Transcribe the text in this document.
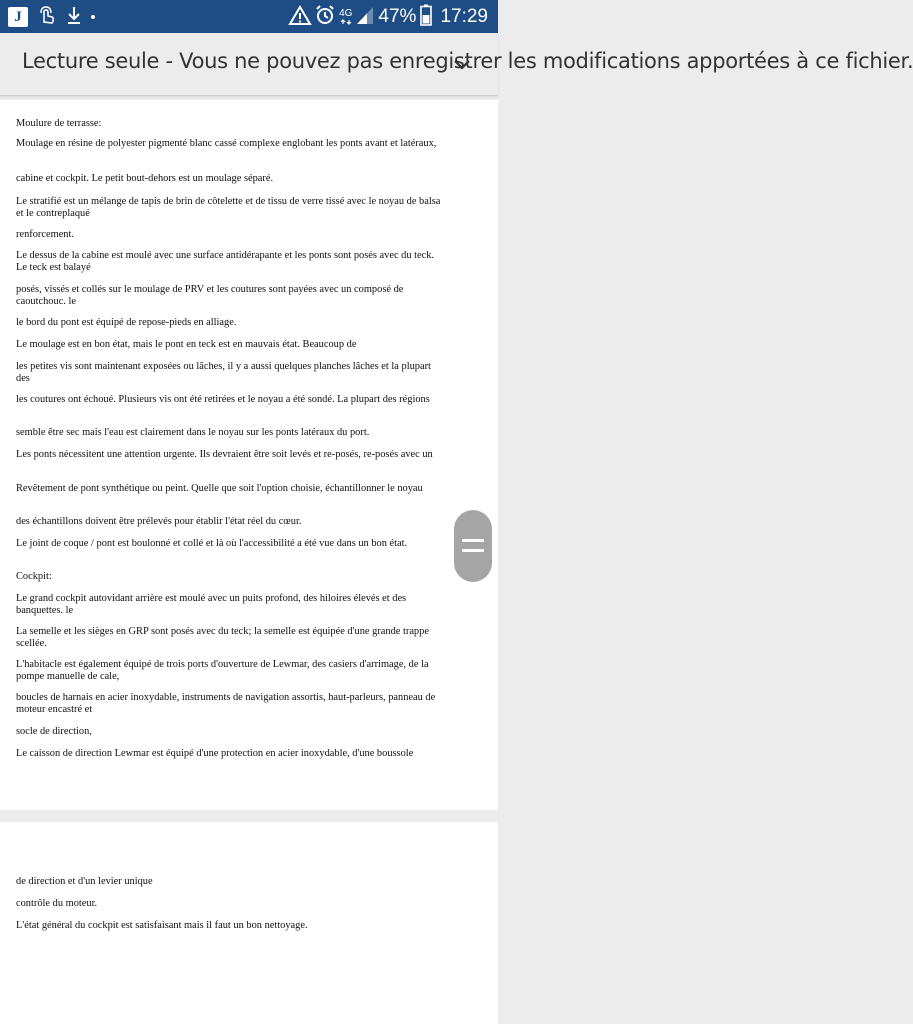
J	4G 47% 17:29
Lecture seule - Vous ne pouvez pas enregistrer les modifications apportées à ce fichier.

Moulure de terrasse:

Moulage en résine de polyester pigmenté blanc cassé complexe englobant les ponts avant et latéraux,

cabine et cockpit. Le petit bout-dehors est un moulage séparé.

Le stratifié est un mélange de tapis de brin de côtelette et de tissu de verre tissé avec le noyau de balsa et le contreplaqué

renforcement.

Le dessus de la cabine est moulé avec une surface antidérapante et les ponts sont posés avec du teck. Le teck est balayé

posés, vissés et collés sur le moulage de PRV et les coutures sont payées avec un composé de caoutchouc. le

le bord du pont est équipé de repose-pieds en alliage.

Le moulage est en bon état, mais le pont en teck est en mauvais état. Beaucoup de

les petites vis sont maintenant exposées ou lâches, il y a aussi quelques planches lâches et la plupart des

les coutures ont échoué. Plusieurs vis ont été retirées et le noyau a été sondé. La plupart des régions

semble être sec mais l'eau est clairement dans le noyau sur les ponts latéraux du port.

Les ponts nécessitent une attention urgente. Ils devraient être soit levés et re-posés, re-posés avec un

Revêtement de pont synthétique ou peint. Quelle que soit l'option choisie, échantillonner le noyau

des échantillons doivent être prélevés pour établir l'état réel du cœur.

Le joint de coque / pont est boulonné et collé et là où l'accessibilité a été vue dans un bon état.

Cockpit:

Le grand cockpit autovidant arrière est moulé avec un puits profond, des hiloires élevés et des banquettes. le

La semelle et les sièges en GRP sont posés avec du teck; la semelle est équipée d'une grande trappe scellée.

L'habitacle est également équipé de trois ports d'ouverture de Lewmar, des casiers d'arrimage, de la pompe manuelle de cale,

boucles de harnais en acier inoxydable, instruments de navigation assortis, haut-parleurs, panneau de moteur encastré et

socle de direction,

Le caisson de direction Lewmar est équipé d'une protection en acier inoxydable, d'une boussole

de direction et d'un levier unique

contrôle du moteur.

L'état général du cockpit est satisfaisant mais il faut un bon nettoyage.
